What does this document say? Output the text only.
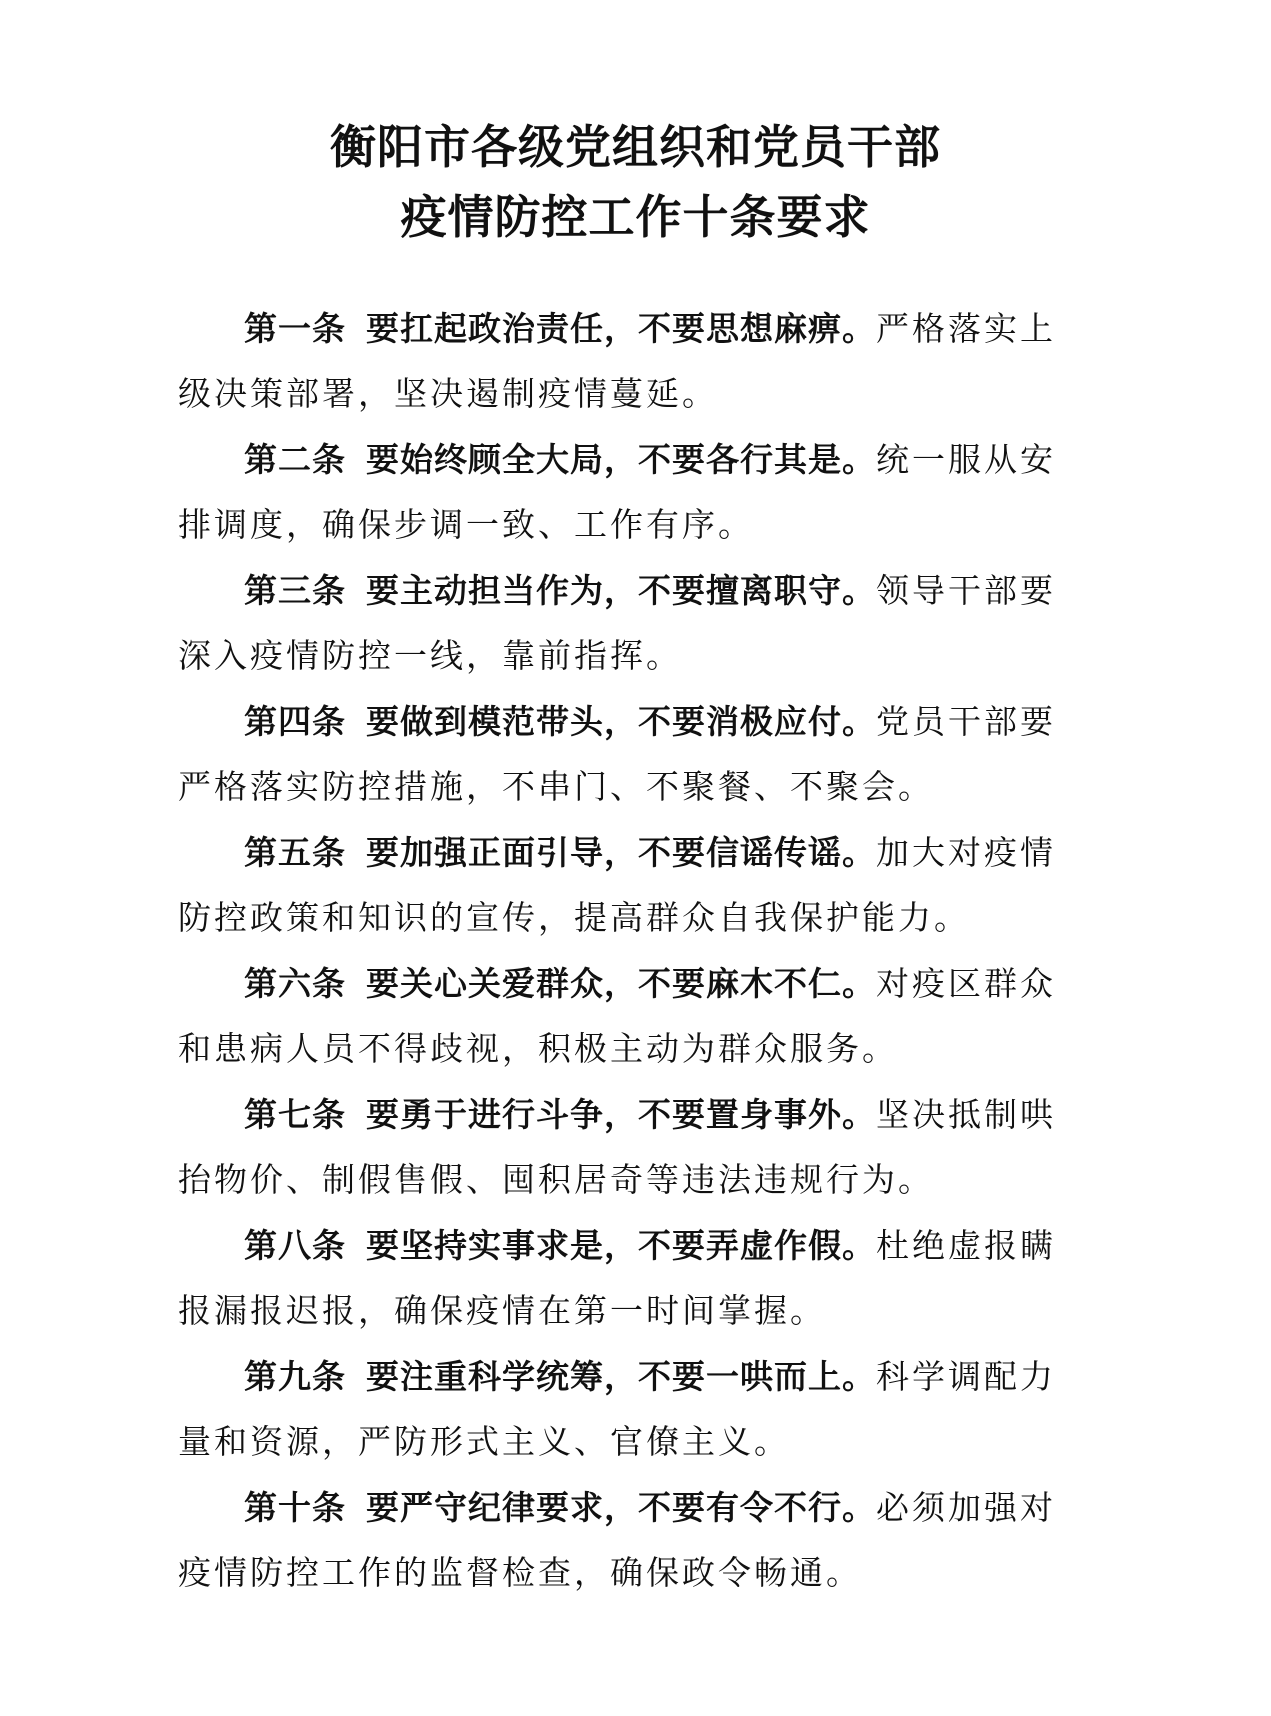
衡阳市各级党组织和党员干部
疫情防控工作十条要求

第一条 要扛起政治责任，不要思想麻痹。严格落实上级决策部署，坚决遏制疫情蔓延。

第二条 要始终顾全大局，不要各行其是。统一服从安排调度，确保步调一致、工作有序。

第三条 要主动担当作为，不要擅离职守。领导干部要深入疫情防控一线，靠前指挥。

第四条 要做到模范带头，不要消极应付。党员干部要严格落实防控措施，不串门、不聚餐、不聚会。

第五条 要加强正面引导，不要信谣传谣。加大对疫情防控政策和知识的宣传，提高群众自我保护能力。

第六条 要关心关爱群众，不要麻木不仁。对疫区群众和患病人员不得歧视，积极主动为群众服务。

第七条 要勇于进行斗争，不要置身事外。坚决抵制哄抬物价、制假售假、囤积居奇等违法违规行为。

第八条 要坚持实事求是，不要弄虚作假。杜绝虚报瞒报漏报迟报，确保疫情在第一时间掌握。

第九条 要注重科学统筹，不要一哄而上。科学调配力量和资源，严防形式主义、官僚主义。

第十条 要严守纪律要求，不要有令不行。必须加强对疫情防控工作的监督检查，确保政令畅通。
